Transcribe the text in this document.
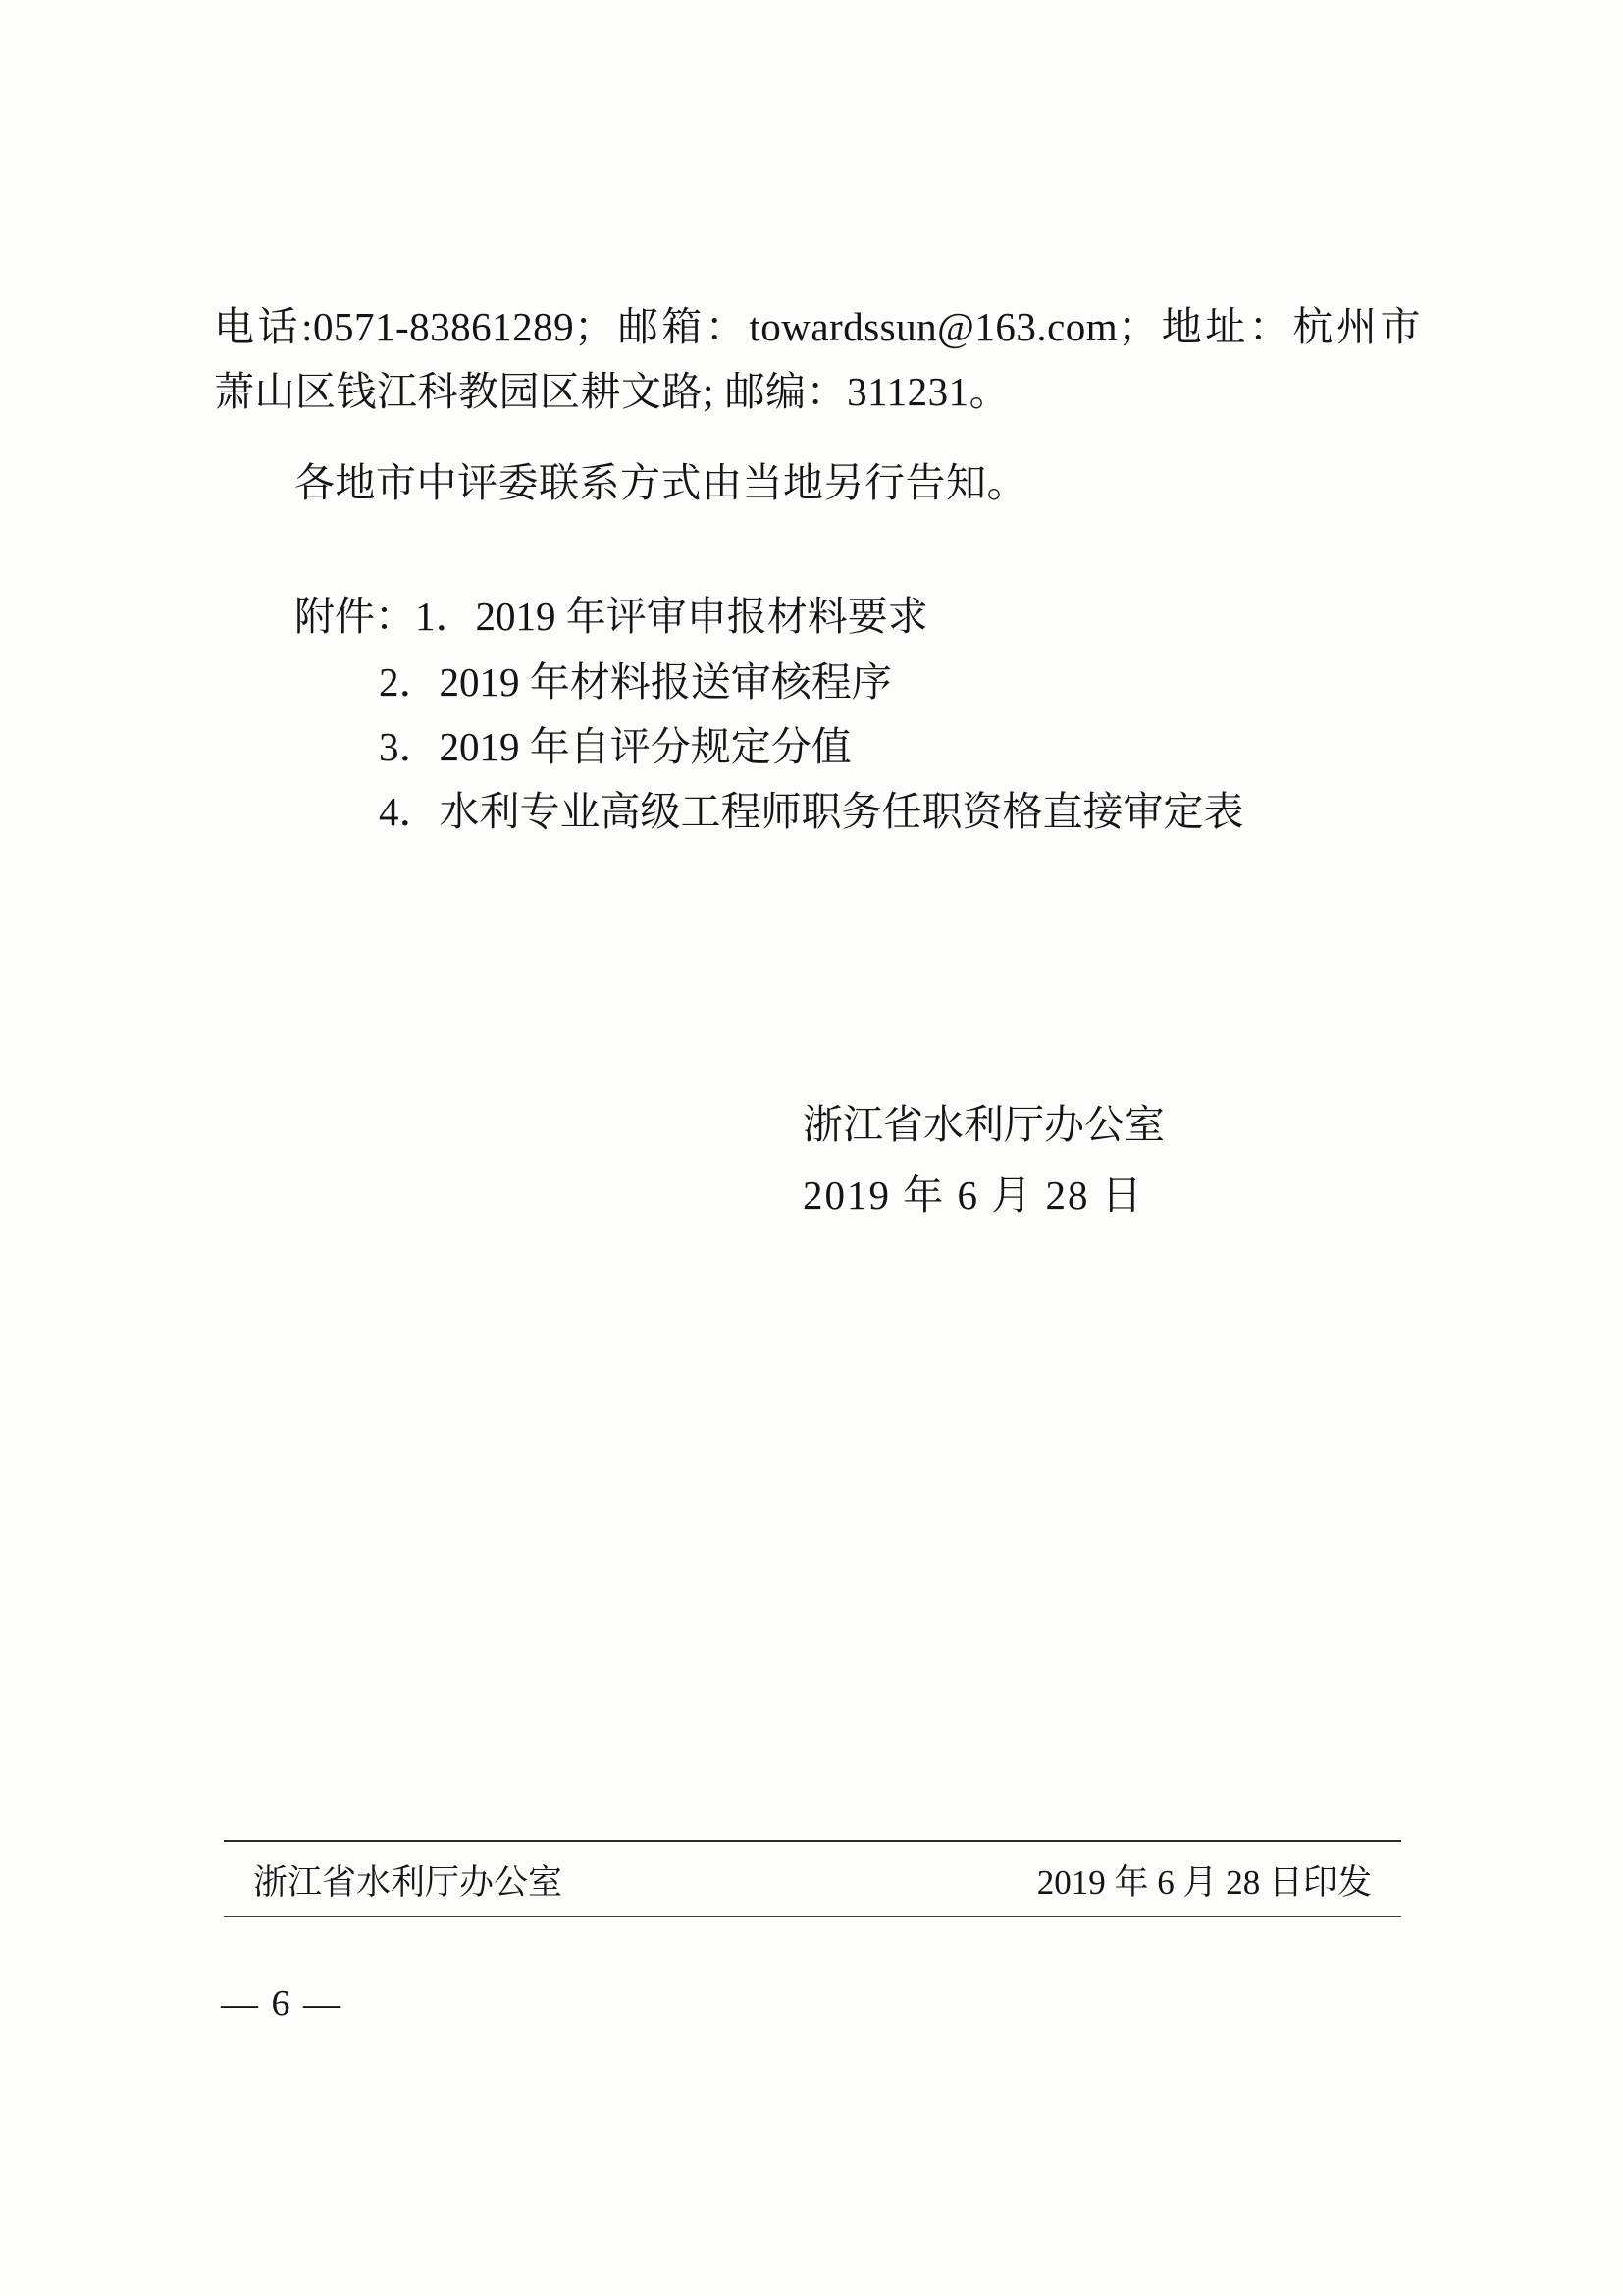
电话:0571-83861289；邮箱：towardssun@163.com；地址：杭州市萧山区钱江科教园区耕文路; 邮编：311231。
各地市中评委联系方式由当地另行告知。
附件：1．2019 年评审申报材料要求
2．2019 年材料报送审核程序
3．2019 年自评分规定分值
4．水利专业高级工程师职务任职资格直接审定表
浙江省水利厅办公室
2019 年 6 月 28 日
浙江省水利厅办公室	2019 年 6 月 28 日印发
— 6 —
